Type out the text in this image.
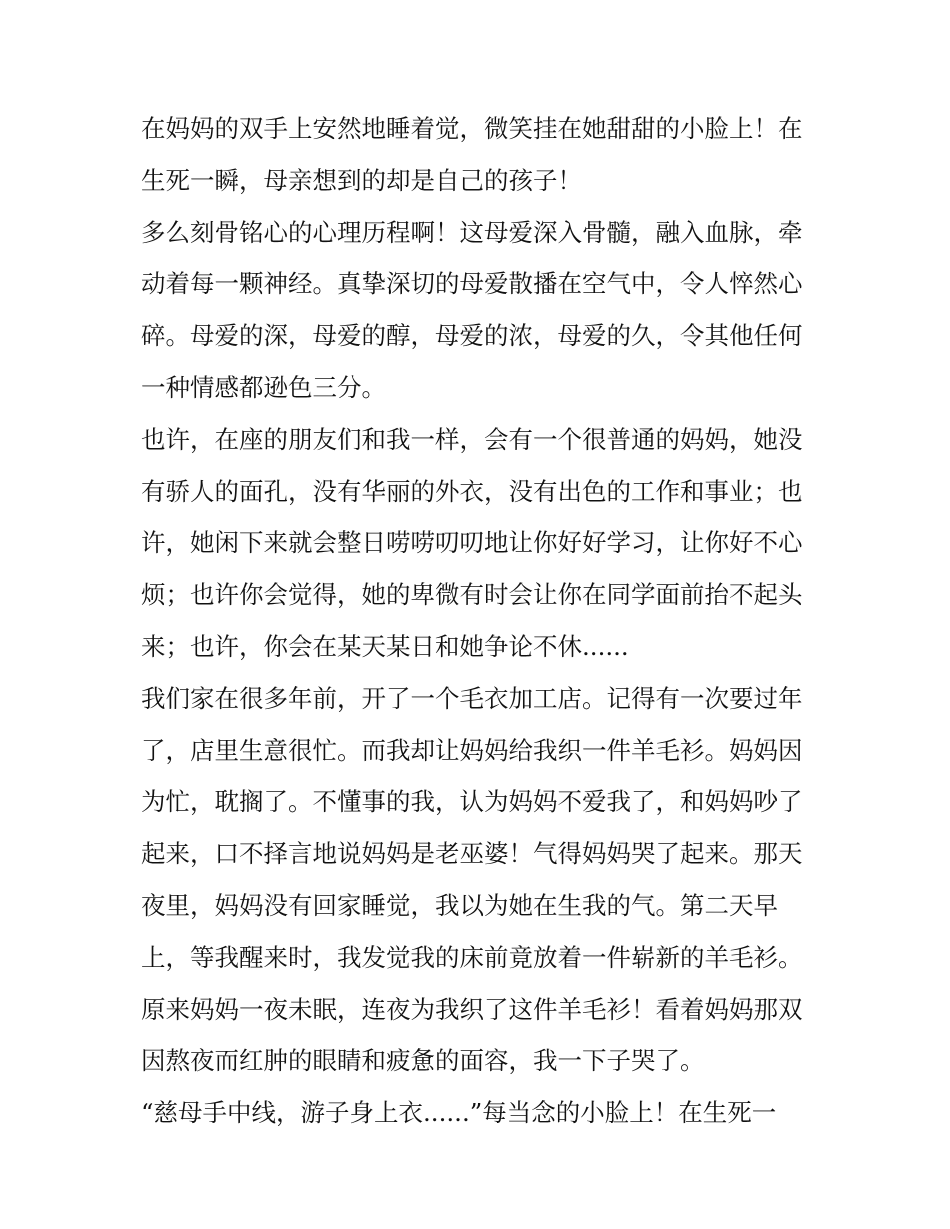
在妈妈的双手上安然地睡着觉，微笑挂在她甜甜的小脸上！在
生死一瞬，母亲想到的却是自己的孩子！
多么刻骨铭心的心理历程啊！这母爱深入骨髓，融入血脉，牵
动着每一颗神经。真挚深切的母爱散播在空气中，令人悴然心
碎。母爱的深，母爱的醇，母爱的浓，母爱的久，令其他任何
一种情感都逊色三分。
也许，在座的朋友们和我一样，会有一个很普通的妈妈，她没
有骄人的面孔，没有华丽的外衣，没有出色的工作和事业；也
许，她闲下来就会整日唠唠叨叨地让你好好学习，让你好不心
烦；也许你会觉得，她的卑微有时会让你在同学面前抬不起头
来；也许，你会在某天某日和她争论不休......
我们家在很多年前，开了一个毛衣加工店。记得有一次要过年
了，店里生意很忙。而我却让妈妈给我织一件羊毛衫。妈妈因
为忙，耽搁了。不懂事的我，认为妈妈不爱我了，和妈妈吵了
起来，口不择言地说妈妈是老巫婆！气得妈妈哭了起来。那天
夜里，妈妈没有回家睡觉，我以为她在生我的气。第二天早
上，等我醒来时，我发觉我的床前竟放着一件崭新的羊毛衫。
原来妈妈一夜未眠，连夜为我织了这件羊毛衫！看着妈妈那双
因熬夜而红肿的眼睛和疲惫的面容，我一下子哭了。
“慈母手中线，游子身上衣......”每当念的小脸上！在生死一
